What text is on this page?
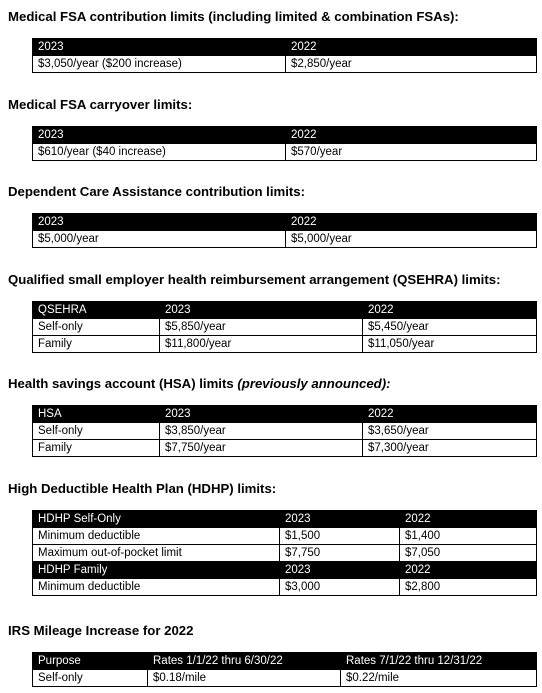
Medical FSA contribution limits (including limited & combination FSAs):
2023	2022
$3,050/year ($200 increase)	$2,850/year
Medical FSA carryover limits:
2023	2022
$610/year ($40 increase)	$570/year
Dependent Care Assistance contribution limits:
2023	2022
$5,000/year	$5,000/year
Qualified small employer health reimbursement arrangement (QSEHRA) limits:
QSEHRA	2023	2022
Self-only	$5,850/year	$5,450/year
Family	$11,800/year	$11,050/year
Health savings account (HSA) limits (previously announced):
HSA	2023	2022
Self-only	$3,850/year	$3,650/year
Family	$7,750/year	$7,300/year
High Deductible Health Plan (HDHP) limits:
HDHP Self-Only	2023	2022
Minimum deductible	$1,500	$1,400
Maximum out-of-pocket limit	$7,750	$7,050
HDHP Family	2023	2022
Minimum deductible	$3,000	$2,800
IRS Mileage Increase for 2022
Purpose	Rates 1/1/22 thru 6/30/22	Rates 7/1/22 thru 12/31/22
Self-only	$0.18/mile	$0.22/mile
